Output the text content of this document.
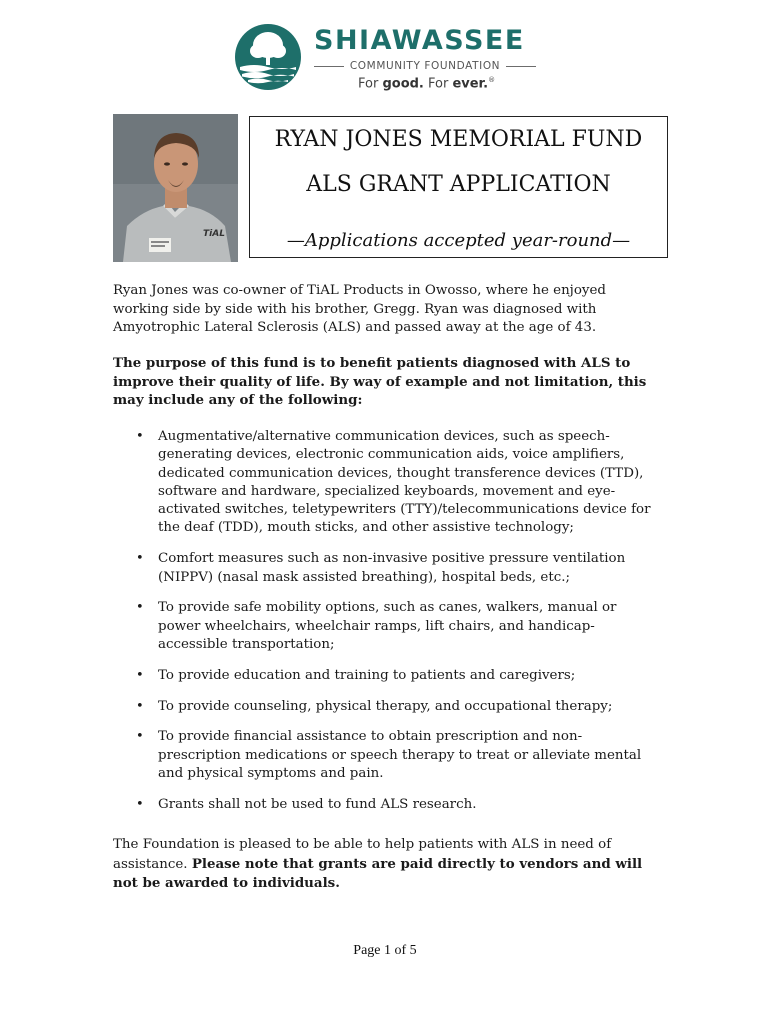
SHIAWASSEE
COMMUNITY FOUNDATION
For good. For ever.®
TiAL
RYAN JONES MEMORIAL FUND
ALS GRANT APPLICATION
—Applications accepted year-round—
Ryan Jones was co-owner of TiAL Products in Owosso, where he enjoyed working side by side with his brother, Gregg. Ryan was diagnosed with Amyotrophic Lateral Sclerosis (ALS) and passed away at the age of 43.
The purpose of this fund is to benefit patients diagnosed with ALS to improve their quality of life. By way of example and not limitation, this may include any of the following:
• Augmentative/alternative communication devices, such as speech-generating devices, electronic communication aids, voice amplifiers, dedicated communication devices, thought transference devices (TTD), software and hardware, specialized keyboards, movement and eye-activated switches, teletypewriters (TTY)/telecommunications device for the deaf (TDD), mouth sticks, and other assistive technology;
• Comfort measures such as non-invasive positive pressure ventilation (NIPPV) (nasal mask assisted breathing), hospital beds, etc.;
• To provide safe mobility options, such as canes, walkers, manual or power wheelchairs, wheelchair ramps, lift chairs, and handicap-accessible transportation;
• To provide education and training to patients and caregivers;
• To provide counseling, physical therapy, and occupational therapy;
• To provide financial assistance to obtain prescription and non-prescription medications or speech therapy to treat or alleviate mental and physical symptoms and pain.
• Grants shall not be used to fund ALS research.
The Foundation is pleased to be able to help patients with ALS in need of assistance. Please note that grants are paid directly to vendors and will not be awarded to individuals.
Page 1 of 5
